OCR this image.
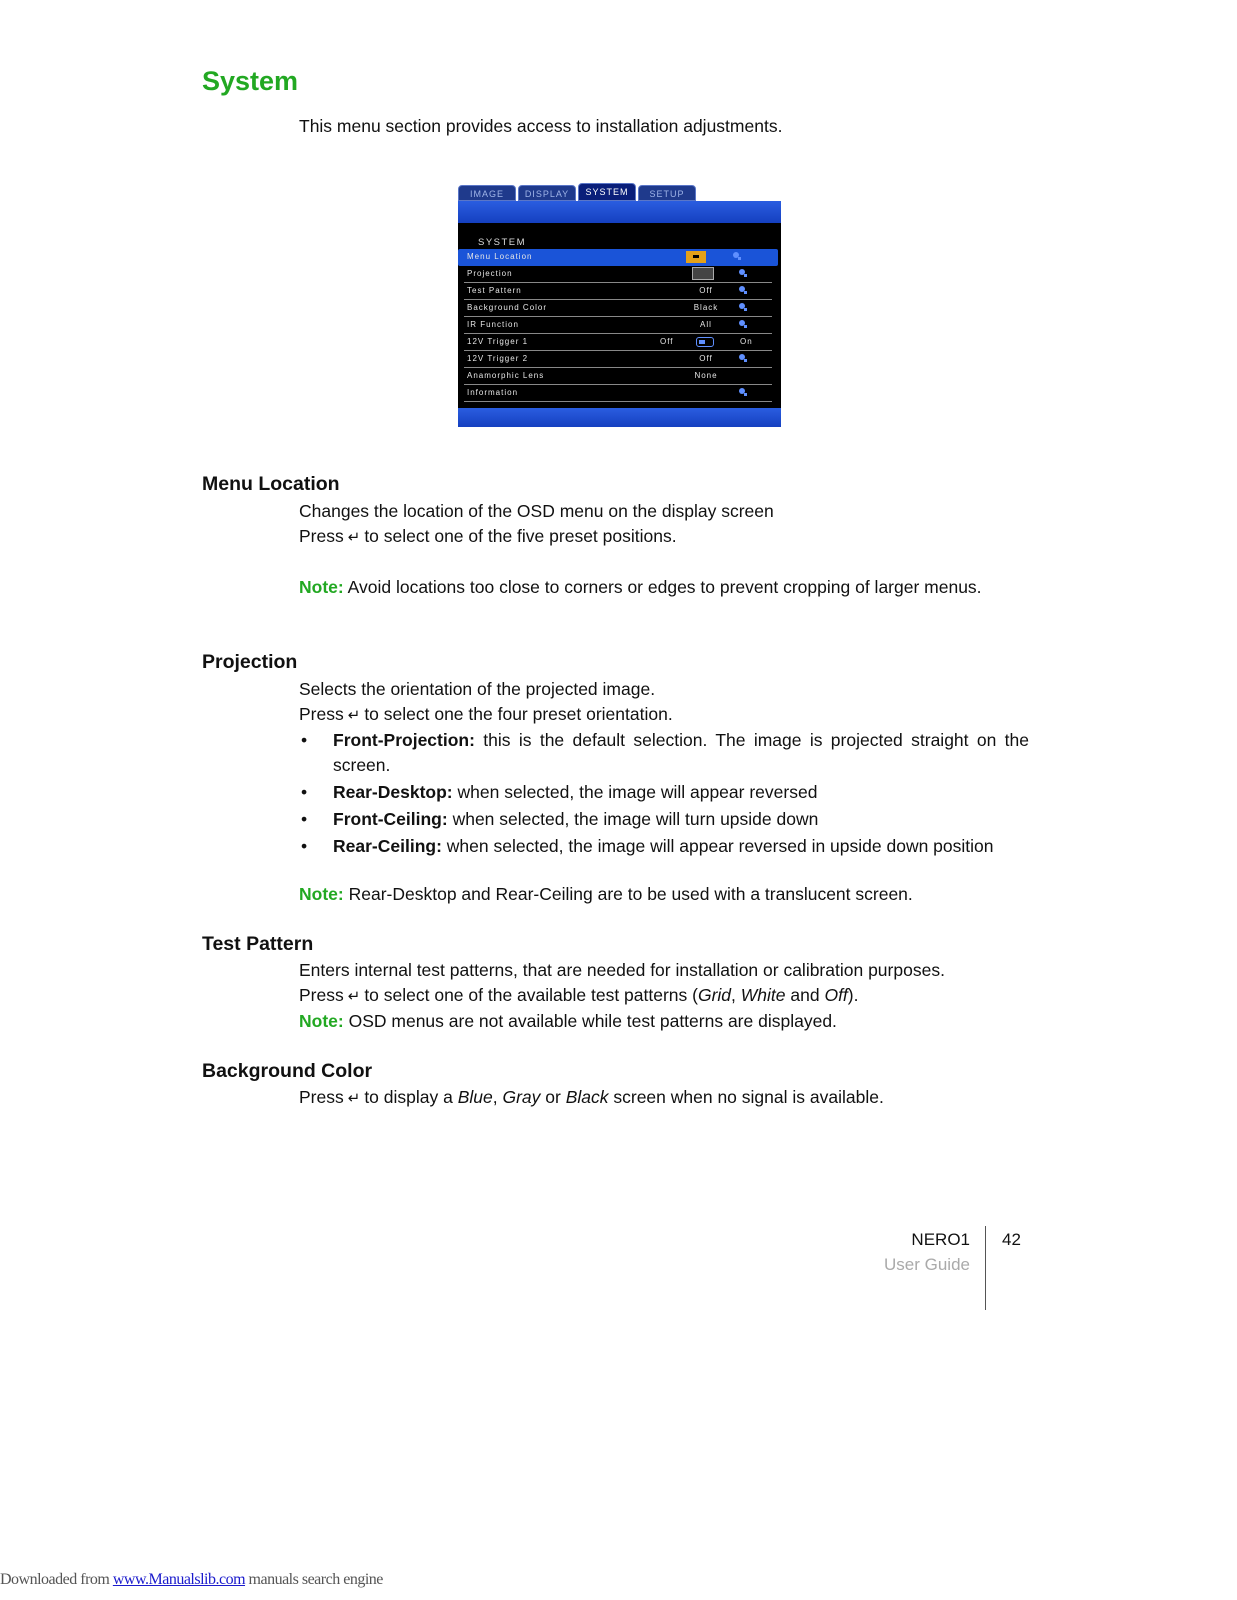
System
This menu section provides access to installation adjustments.
IMAGE	DISPLAY	SYSTEM	SETUP
SYSTEM
Menu Location
Projection
Test Pattern	Off
Background Color	Black
IR Function	All
12V Trigger 1	Off	On
12V Trigger 2	Off
Anamorphic Lens	None
Information
Menu Location
Changes the location of the OSD menu on the display screen
Press ↵ to select one of the five preset positions.
Note: Avoid locations too close to corners or edges to prevent cropping of larger menus.
Projection
Selects the orientation of the projected image.
Press ↵ to select one the four preset orientation.
• Front-Projection: this is the default selection. The image is projected straight on the screen.
• Rear-Desktop: when selected, the image will appear reversed
• Front-Ceiling: when selected, the image will turn upside down
• Rear-Ceiling: when selected, the image will appear reversed in upside down position
Note: Rear-Desktop and Rear-Ceiling are to be used with a translucent screen.
Test Pattern
Enters internal test patterns, that are needed for installation or calibration purposes.
Press ↵ to select one of the available test patterns (Grid, White and Off).
Note: OSD menus are not available while test patterns are displayed.
Background Color
Press ↵ to display a Blue, Gray or Black screen when no signal is available.
NERO1
User Guide
42
Downloaded from www.Manualslib.com manuals search engine
